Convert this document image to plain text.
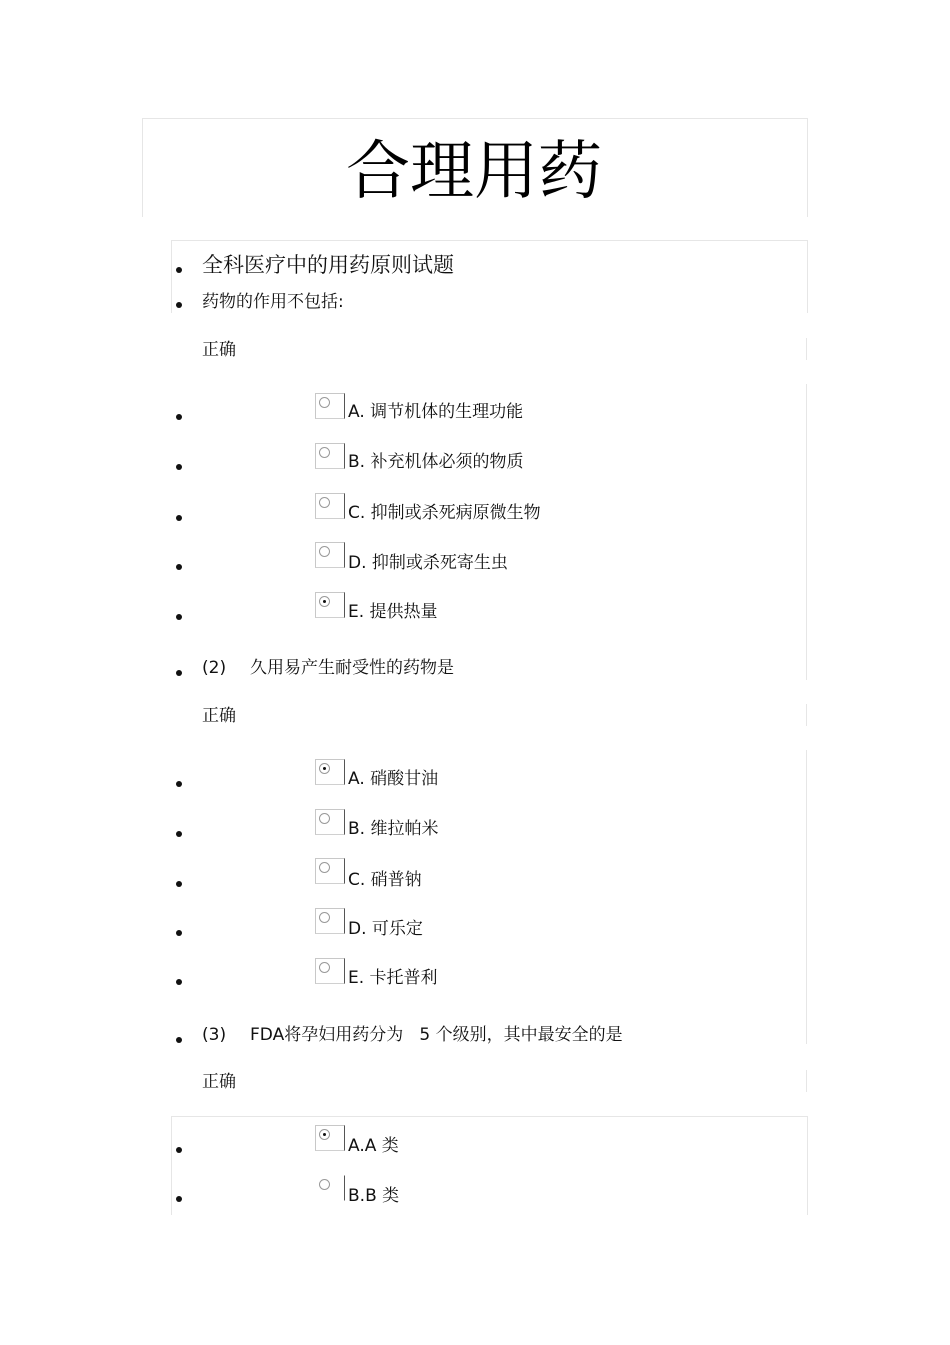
合理用药
全科医疗中的用药原则试题
药物的作用不包括:
正确
A. 调节机体的生理功能
B. 补充机体必须的物质
C. 抑制或杀死病原微生物
D. 抑制或杀死寄生虫
E. 提供热量
(2) 久用易产生耐受性的药物是
正确
A. 硝酸甘油
B. 维拉帕米
C. 硝普钠
D. 可乐定
E. 卡托普利
(3) FDA将孕妇用药分为   5 个级别，其中最安全的是
正确
A.A 类
B.B 类
